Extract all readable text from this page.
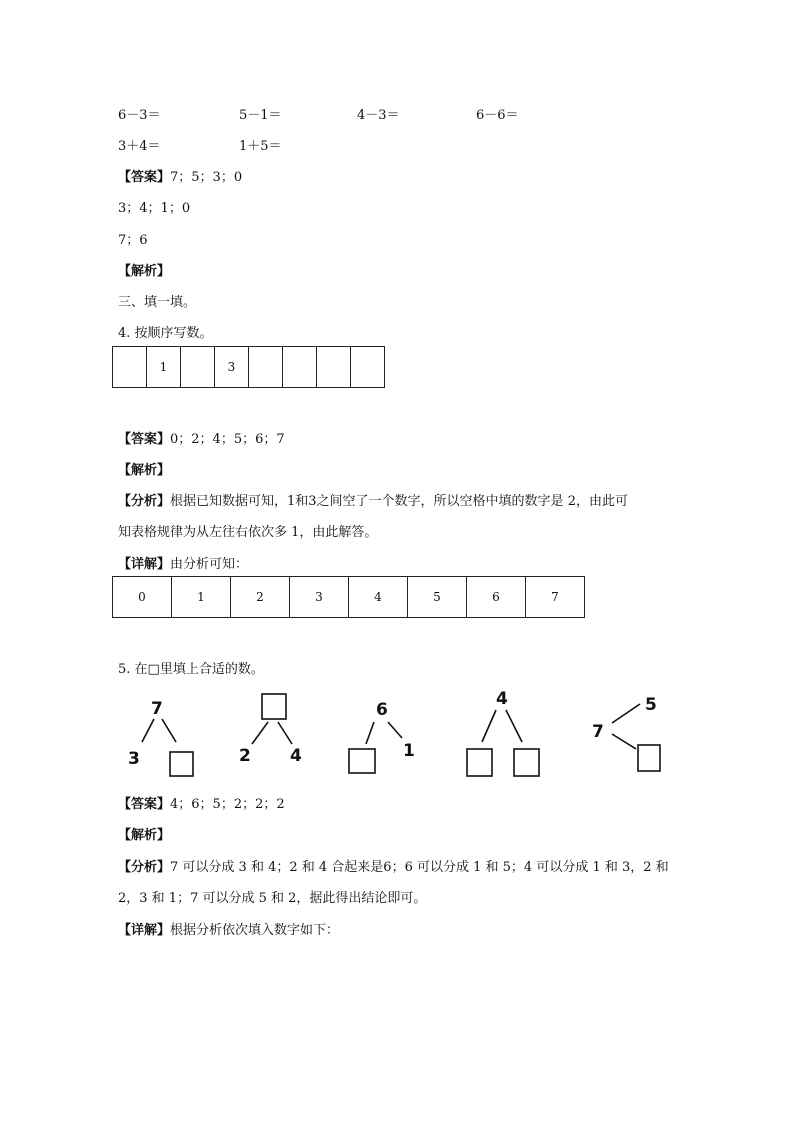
6－3＝	5－1＝	4－3＝	6－6＝
3＋4＝	1＋5＝
【答案】7；5；3；0
3；4；1；0
7；6
【解析】
三、填一填。
4. 按顺序写数。
	1		3				
【答案】0；2；4；5；6；7
【解析】
【分析】根据已知数据可知，1和3之间空了一个数字，所以空格中填的数字是 2，由此可
知表格规律为从左往右依次多 1，由此解答。
【详解】由分析可知：
0	1	2	3	4	5	6	7
5. 在□里填上合适的数。
7
3	2 4
6
1
4
7
5
【答案】4；6；5；2；2；2
【解析】
【分析】7 可以分成 3 和 4；2 和 4 合起来是6；6 可以分成 1 和 5；4 可以分成 1 和 3，2 和
2，3 和 1；7 可以分成 5 和 2，据此得出结论即可。
【详解】根据分析依次填入数字如下：
